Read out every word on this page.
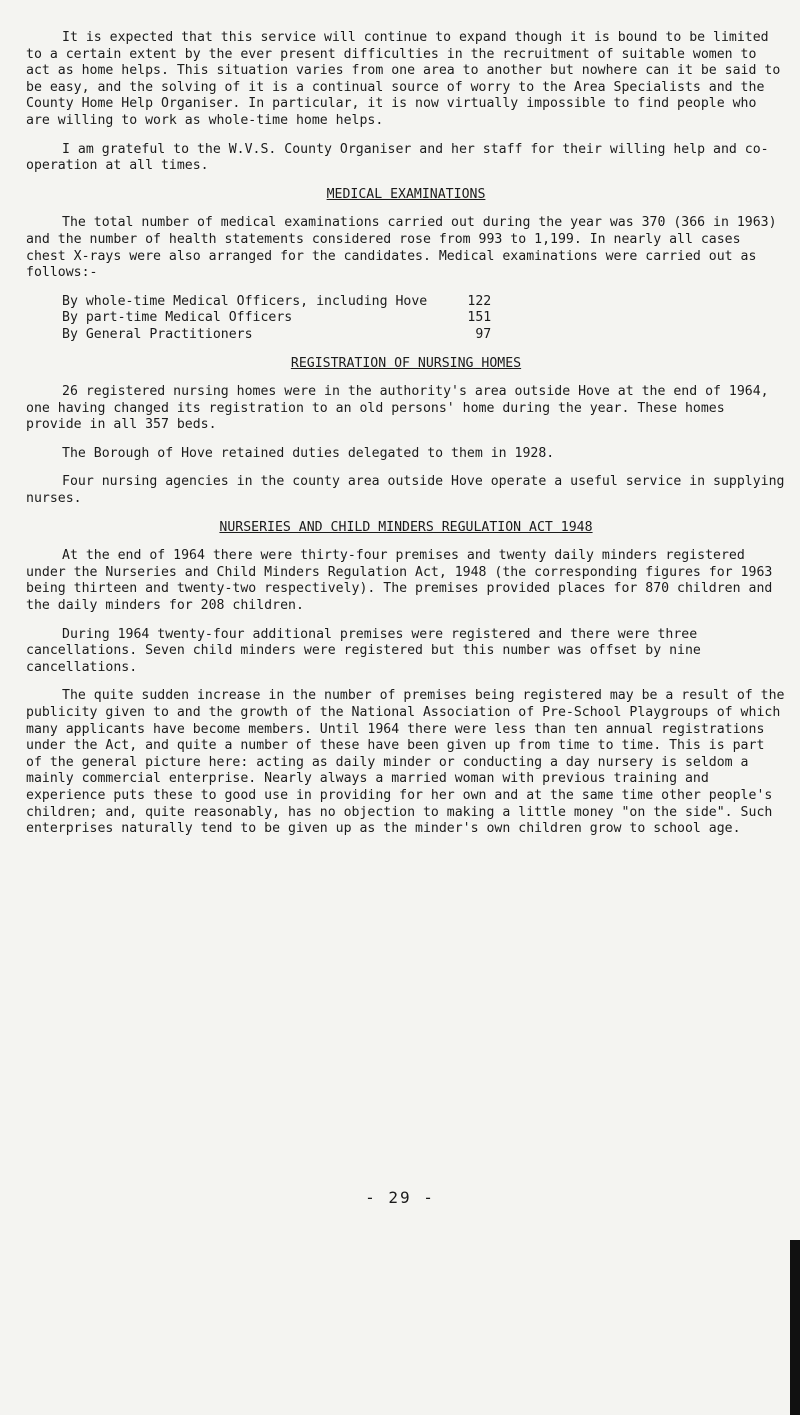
It is expected that this service will continue to expand though it is bound to be limited to a certain extent by the ever present difficulties in the recruitment of suitable women to act as home helps. This situation varies from one area to another but nowhere can it be said to be easy, and the solving of it is a continual source of worry to the Area Specialists and the County Home Help Organiser. In particular, it is now virtually impossible to find people who are willing to work as whole-time home helps.

I am grateful to the W.V.S. County Organiser and her staff for their willing help and co-operation at all times.

MEDICAL EXAMINATIONS

The total number of medical examinations carried out during the year was 370 (366 in 1963) and the number of health statements considered rose from 993 to 1,199. In nearly all cases chest X-rays were also arranged for the candidates. Medical examinations were carried out as follows:-

By whole-time Medical Officers, including Hove	122
By part-time Medical Officers	151
By General Practitioners	97
REGISTRATION OF NURSING HOMES

26 registered nursing homes were in the authority's area outside Hove at the end of 1964, one having changed its registration to an old persons' home during the year. These homes provide in all 357 beds.

The Borough of Hove retained duties delegated to them in 1928.

Four nursing agencies in the county area outside Hove operate a useful service in supplying nurses.

NURSERIES AND CHILD MINDERS REGULATION ACT 1948

At the end of 1964 there were thirty-four premises and twenty daily minders registered under the Nurseries and Child Minders Regulation Act, 1948 (the corresponding figures for 1963 being thirteen and twenty-two respectively). The premises provided places for 870 children and the daily minders for 208 children.

During 1964 twenty-four additional premises were registered and there were three cancellations. Seven child minders were registered but this number was offset by nine cancellations.

The quite sudden increase in the number of premises being registered may be a result of the publicity given to and the growth of the National Association of Pre-School Playgroups of which many applicants have become members. Until 1964 there were less than ten annual registrations under the Act, and quite a number of these have been given up from time to time. This is part of the general picture here: acting as daily minder or conducting a day nursery is seldom a mainly commercial enterprise. Nearly always a married woman with previous training and experience puts these to good use in providing for her own and at the same time other people's children; and, quite reasonably, has no objection to making a little money "on the side". Such enterprises naturally tend to be given up as the minder's own children grow to school age.

- 29 -
